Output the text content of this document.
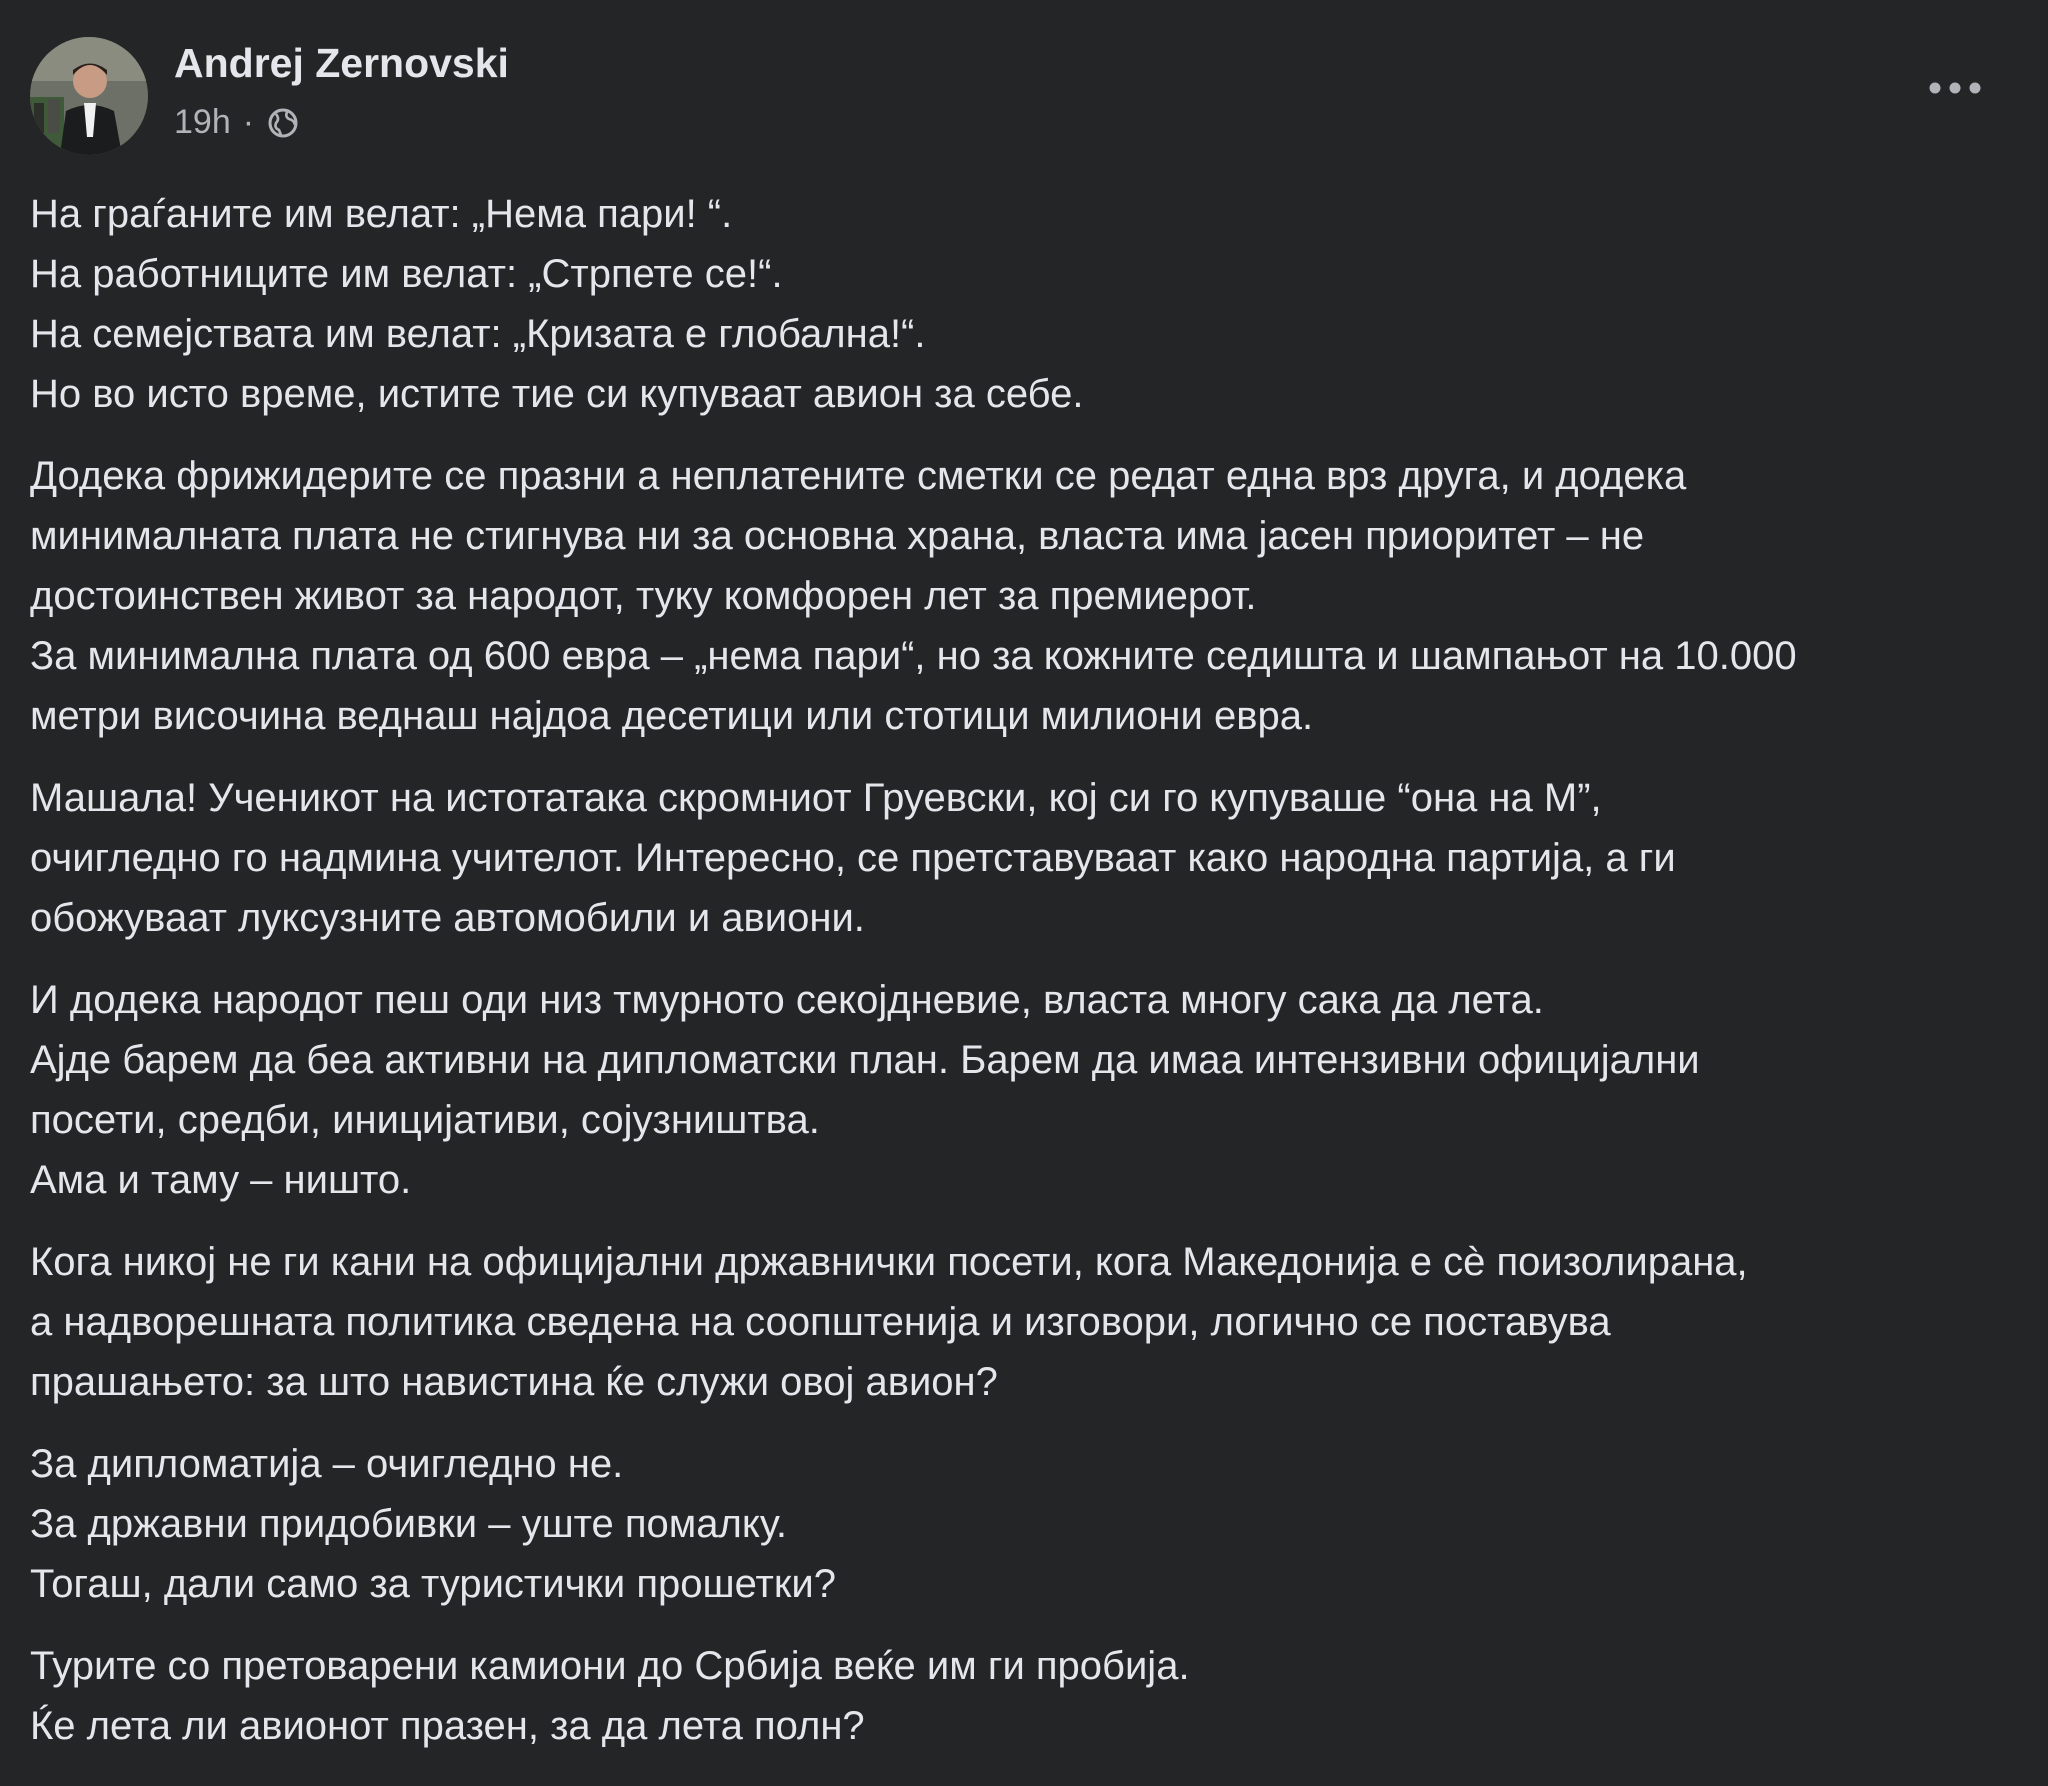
Andrej Zernovski
19h ·

На граѓаните им велат: „Нема пари! “.
На работниците им велат: „Стрпете се!“.
На семејствата им велат: „Кризата е глобална!“.
Но во исто време, истите тие си купуваат авион за себе.

Додека фрижидерите се празни а неплатените сметки се редат една врз друга, и додека
минималната плата не стигнува ни за основна храна, власта има јасен приоритет – не
достоинствен живот за народот, туку комфорен лет за премиерот.
За минимална плата од 600 евра – „нема пари“, но за кожните седишта и шампањот на 10.000
метри височина веднаш најдоа десетици или стотици милиони евра.

Машала! Ученикот на истотатака скромниот Груевски, кој си го купуваше “она на М”,
очигледно го надмина учителот. Интересно, се претставуваат како народна партија, а ги
обожуваат луксузните автомобили и авиони.

И додека народот пеш оди низ тмурното секојдневие, власта многу сака да лета.
Ајде барем да беа активни на дипломатски план. Барем да имаа интензивни официјални
посети, средби, иницијативи, сојузништва.
Ама и таму – ништо.

Кога никој не ги кани на официјални државнички посети, кога Македонија е сѐ поизолирана,
а надворешната политика сведена на соопштенија и изговори, логично се поставува
прашањето: за што навистина ќе служи овој авион?

За дипломатија – очигледно не.
За државни придобивки – уште помалку.
Тогаш, дали само за туристички прошетки?

Турите со претоварени камиони до Србија веќе им ги пробија.
Ќе лета ли авионот празен, за да лета полн?
